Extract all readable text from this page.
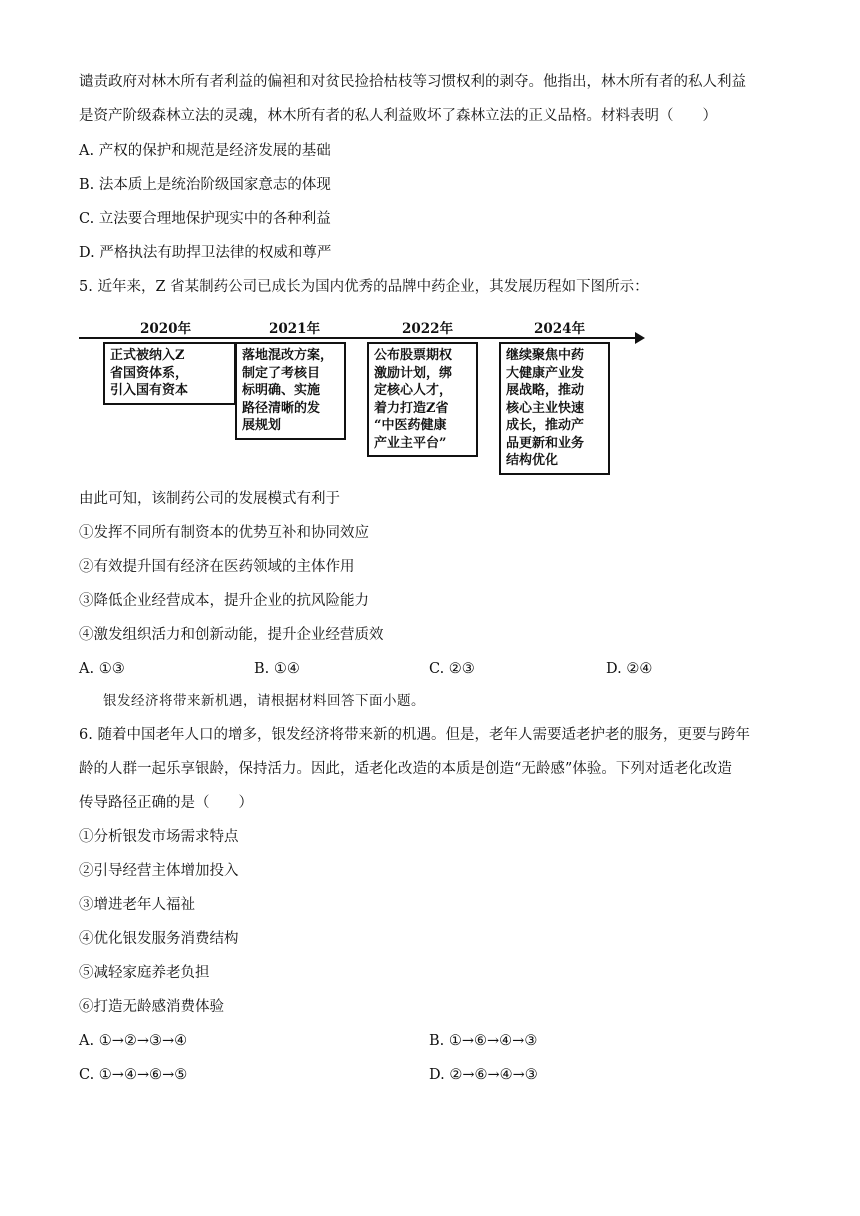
谴责政府对林木所有者利益的偏袒和对贫民捡拾枯枝等习惯权利的剥夺。他指出，林木所有者的私人利益
是资产阶级森林立法的灵魂，林木所有者的私人利益败坏了森林立法的正义品格。材料表明（　　）
A. 产权的保护和规范是经济发展的基础
B. 法本质上是统治阶级国家意志的体现
C. 立法要合理地保护现实中的各种利益
D. 严格执法有助捍卫法律的权威和尊严
5. 近年来，Z 省某制药公司已成长为国内优秀的品牌中药企业，其发展历程如下图所示：
2020年
正式被纳入Z
省国资体系，
引入国有资本
2021年
落地混改方案，
制定了考核目
标明确、实施
路径清晰的发
展规划
2022年
公布股票期权
激励计划，绑
定核心人才，
着力打造Z省
“中医药健康
产业主平台”
2024年
继续聚焦中药
大健康产业发
展战略，推动
核心主业快速
成长，推动产
品更新和业务
结构优化
由此可知，该制药公司的发展模式有利于
①发挥不同所有制资本的优势互补和协同效应
②有效提升国有经济在医药领域的主体作用
③降低企业经营成本，提升企业的抗风险能力
④激发组织活力和创新动能，提升企业经营质效
A. ①③	B. ①④	C. ②③	D. ②④
银发经济将带来新机遇，请根据材料回答下面小题。
6. 随着中国老年人口的增多，银发经济将带来新的机遇。但是，老年人需要适老护老的服务，更要与跨年
龄的人群一起乐享银龄，保持活力。因此，适老化改造的本质是创造“无龄感”体验。下列对适老化改造
传导路径正确的是（　　）
①分析银发市场需求特点
②引导经营主体增加投入
③增进老年人福祉
④优化银发服务消费结构
⑤减轻家庭养老负担
⑥打造无龄感消费体验
A. ①→②→③→④	B. ①→⑥→④→③
C. ①→④→⑥→⑤	D. ②→⑥→④→③
